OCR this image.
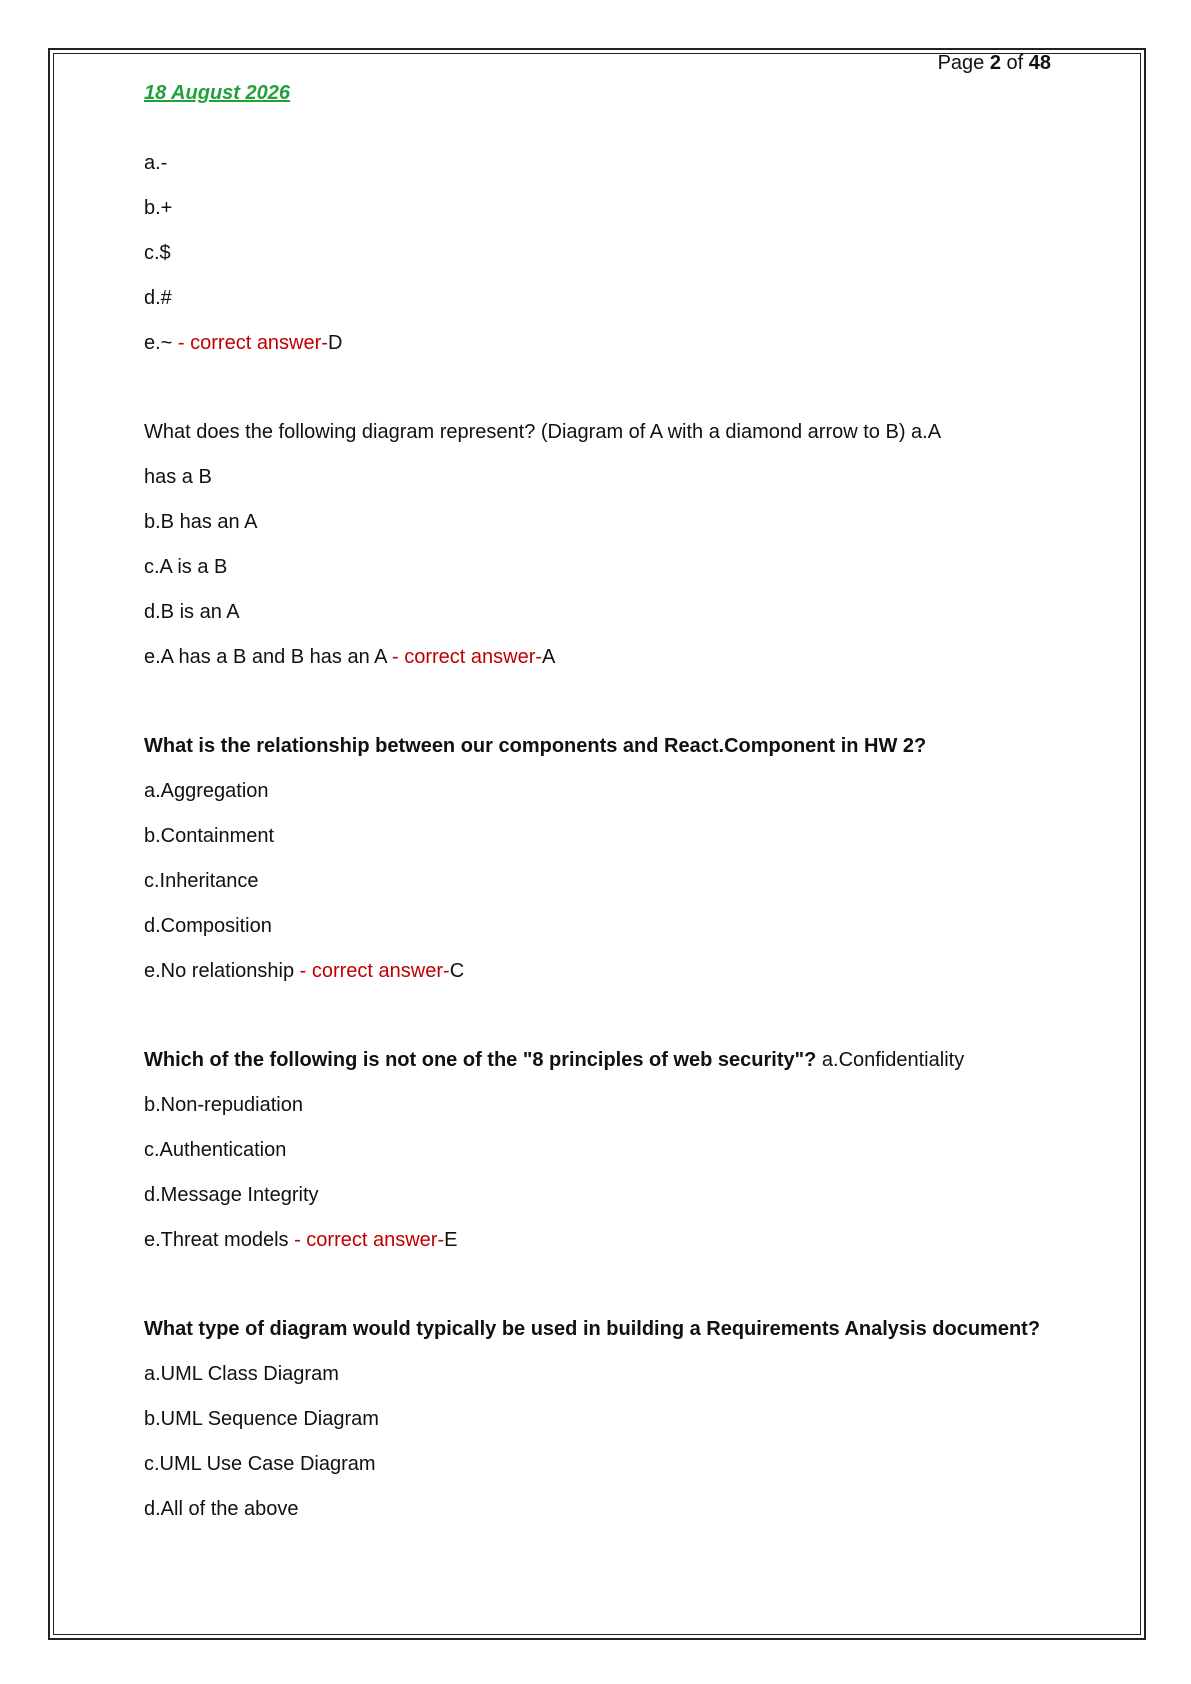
Page 2 of 48
18 August 2026
a.-
b.+
c.$
d.#
e.~ - correct answer-D
What does the following diagram represent? (Diagram of A with a diamond arrow to B) a.A
has a B
b.B has an A
c.A is a B
d.B is an A
e.A has a B and B has an A - correct answer-A
What is the relationship between our components and React.Component in HW 2?
a.Aggregation
b.Containment
c.Inheritance
d.Composition
e.No relationship - correct answer-C
Which of the following is not one of the "8 principles of web security"? a.Confidentiality
b.Non-repudiation
c.Authentication
d.Message Integrity
e.Threat models - correct answer-E
What type of diagram would typically be used in building a Requirements Analysis document?
a.UML Class Diagram
b.UML Sequence Diagram
c.UML Use Case Diagram
d.All of the above
